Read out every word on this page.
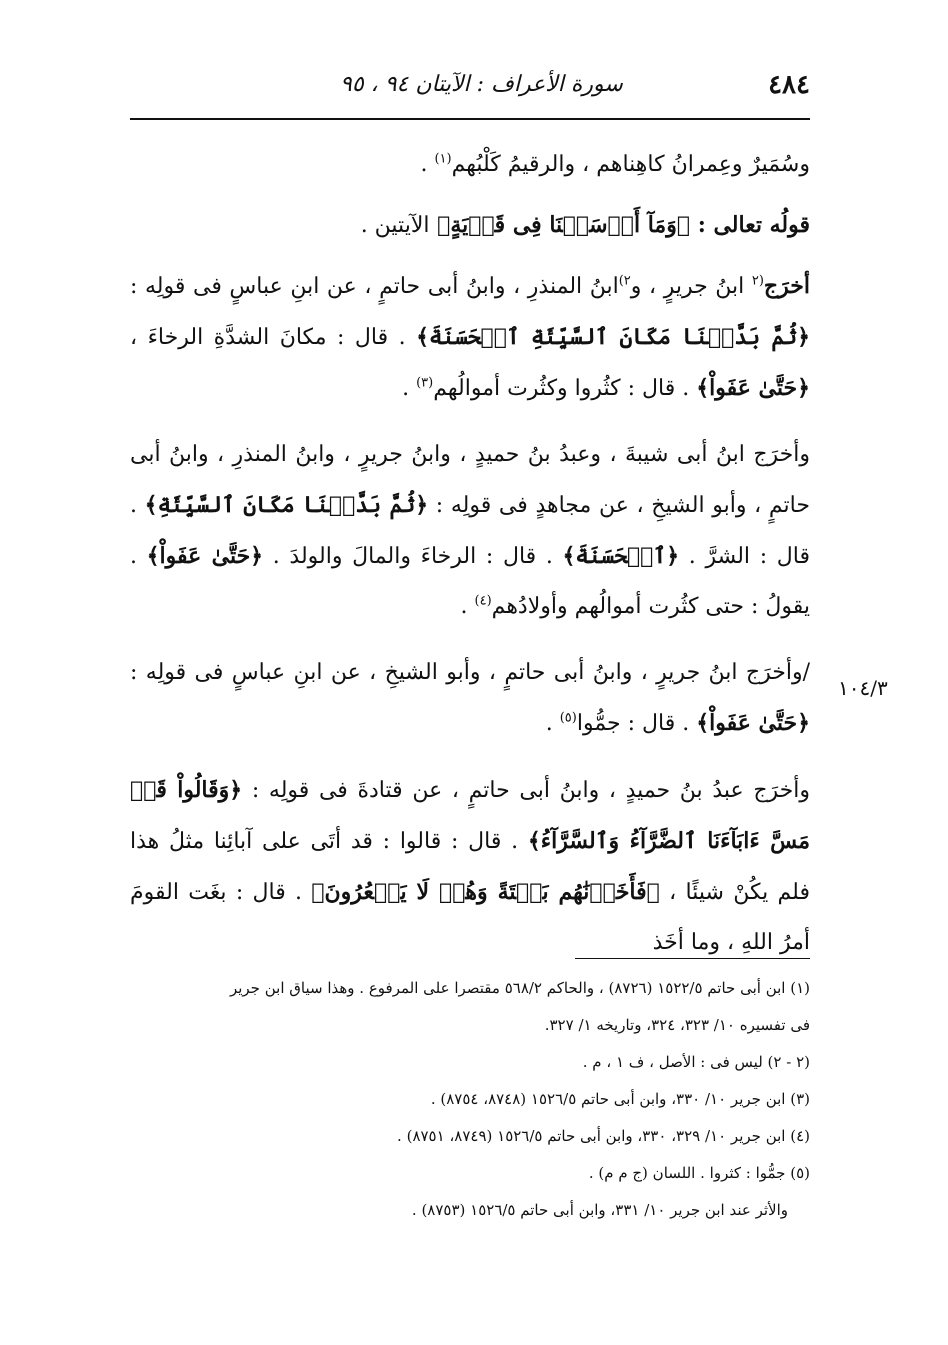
٤٨٤
سورة الأعراف : الآيتان ٩٤ ، ٩٥
١٠٤/٣

وسُمَيرٌ وعِمرانُ كاهِناهم ، والرقيمُ كَلْبُهم$^{(١)}$ .

قولُه تعالى : ﴿وَمَآ أَرۡسَلۡنَا فِى قَرۡيَةٍ﴾ الآيتين .

أخرَج$^{(٢}$ ابنُ جريرٍ ، و$^{٢)}$ابنُ المنذرِ ، وابنُ أبى حاتمٍ ، عن ابنِ عباسٍ فى قولِه : ﴿ثُمَّ بَدَّلۡنَا مَكَانَ ٱلسَّيِّئَةِ ٱلۡحَسَنَةَ﴾ . قال : مكانَ الشدَّةِ الرخاءَ ، ﴿حَتَّىٰ عَفَواْ﴾ . قال : كثُروا وكثُرت أموالُهم$^{(٣)}$ .

وأخرَج ابنُ أبى شيبةَ ، وعبدُ بنُ حميدٍ ، وابنُ جريرٍ ، وابنُ المنذرِ ، وابنُ أبى حاتمٍ ، وأبو الشيخِ ، عن مجاهدٍ فى قولِه : ﴿ثُمَّ بَدَّلۡنَا مَكَانَ ٱلسَّيِّئَةِ﴾ . قال : الشرَّ . ﴿ٱلۡحَسَنَةَ﴾ . قال : الرخاءَ والمالَ والولدَ . ﴿حَتَّىٰ عَفَواْ﴾ . يقولُ : حتى كثُرت أموالُهم وأولادُهم$^{(٤)}$ .

/وأخرَج ابنُ جريرٍ ، وابنُ أبى حاتمٍ ، وأبو الشيخِ ، عن ابنِ عباسٍ فى قولِه : ﴿حَتَّىٰ عَفَواْ﴾ . قال : جمُّوا$^{(٥)}$ .

وأخرَج عبدُ بنُ حميدٍ ، وابنُ أبى حاتمٍ ، عن قتادةَ فى قولِه : ﴿وَقَالُواْ قَدۡ مَسَّ ءَابَآءَنَا ٱلضَّرَّآءُ وَٱلسَّرَّآءُ﴾ . قال : قالوا : قد أتَى على آبائِنا مثلُ هذا فلم يكُنْ شيئًا ، ﴿فَأَخَذۡنَٰهُم بَغۡتَةً وَهُمۡ لَا يَشۡعُرُونَ﴾ . قال : بغَت القومَ أمرُ اللهِ ، وما أخَذ

(١) ابن أبى حاتم ١٥٢٢/٥ (٨٧٢٦) ، والحاكم ٥٦٨/٢ مقتصرا على المرفوع . وهذا سياق ابن جرير

فى تفسيره ١٠/ ٣٢٣، ٣٢٤، وتاريخه ١/ ٣٢٧.

(٢ - ٢) ليس فى : الأصل ، ف ١ ، م .

(٣) ابن جرير ١٠/ ٣٣٠، وابن أبى حاتم ١٥٢٦/٥ (٨٧٤٨، ٨٧٥٤) .

(٤) ابن جرير ١٠/ ٣٢٩، ٣٣٠، وابن أبى حاتم ١٥٢٦/٥ (٨٧٤٩، ٨٧٥١) .

(٥) جمُّوا : كثروا . اللسان (ج م م) .

والأثر عند ابن جرير ١٠/ ٣٣١، وابن أبى حاتم ١٥٢٦/٥ (٨٧٥٣) .
